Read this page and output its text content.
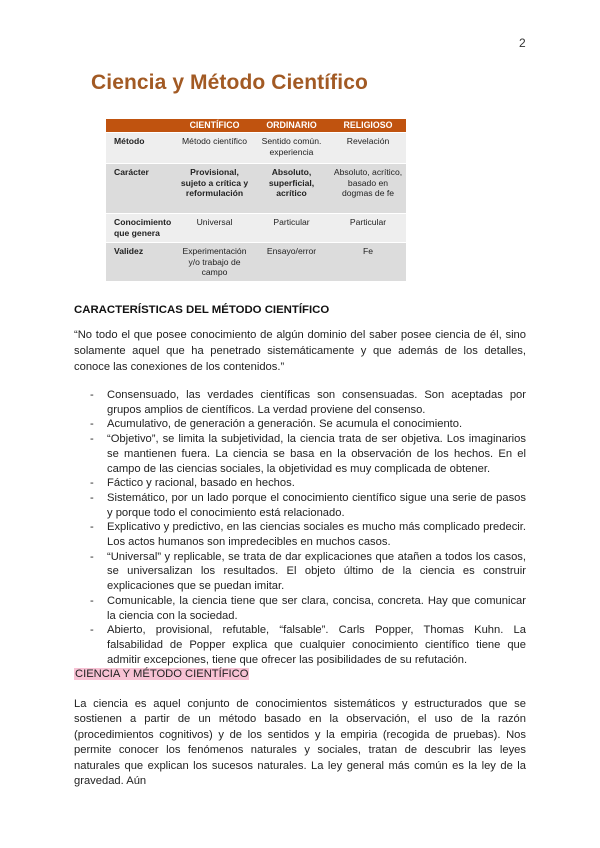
2
Ciencia y Método Científico
	CIENTÍFICO	ORDINARIO	RELIGIOSO
Método	Método científico	Sentido común. experiencia	Revelación
Carácter	Provisional, sujeto a crítica y reformulación	Absoluto, superficial, acrítico	Absoluto, acrítico, basado en dogmas de fe
Conocimiento que genera	Universal	Particular	Particular
Validez	Experimentación y/o trabajo de campo	Ensayo/error	Fe
CARACTERÍSTICAS DEL MÉTODO CIENTÍFICO

“No todo el que posee conocimiento de algún dominio del saber posee ciencia de él, sino solamente aquel que ha penetrado sistemáticamente y que además de los detalles, conoce las conexiones de los contenidos.”

- Consensuado, las verdades científicas son consensuadas. Son aceptadas por grupos amplios de científicos. La verdad proviene del consenso.
- Acumulativo, de generación a generación. Se acumula el conocimiento.
- “Objetivo”, se limita la subjetividad, la ciencia trata de ser objetiva. Los imaginarios se mantienen fuera. La ciencia se basa en la observación de los hechos. En el campo de las ciencias sociales, la objetividad es muy complicada de obtener.
- Fáctico y racional, basado en hechos.
- Sistemático, por un lado porque el conocimiento científico sigue una serie de pasos y porque todo el conocimiento está relacionado.
- Explicativo y predictivo, en las ciencias sociales es mucho más complicado predecir. Los actos humanos son impredecibles en muchos casos.
- “Universal” y replicable, se trata de dar explicaciones que atañen a todos los casos, se universalizan los resultados. El objeto último de la ciencia es construir explicaciones que se puedan imitar.
- Comunicable, la ciencia tiene que ser clara, concisa, concreta. Hay que comunicar la ciencia con la sociedad.
- Abierto, provisional, refutable, “falsable”. Carls Popper, Thomas Kuhn. La falsabilidad de Popper explica que cualquier conocimiento científico tiene que admitir excepciones, tiene que ofrecer las posibilidades de su refutación.
CIENCIA Y MÉTODO CIENTÍFICO

La ciencia es aquel conjunto de conocimientos sistemáticos y estructurados que se sostienen a partir de un método basado en la observación, el uso de la razón (procedimientos cognitivos) y de los sentidos y la empiria (recogida de pruebas). Nos permite conocer los fenómenos naturales y sociales, tratan de descubrir las leyes naturales que explican los sucesos naturales. La ley general más común es la ley de la gravedad. Aún
